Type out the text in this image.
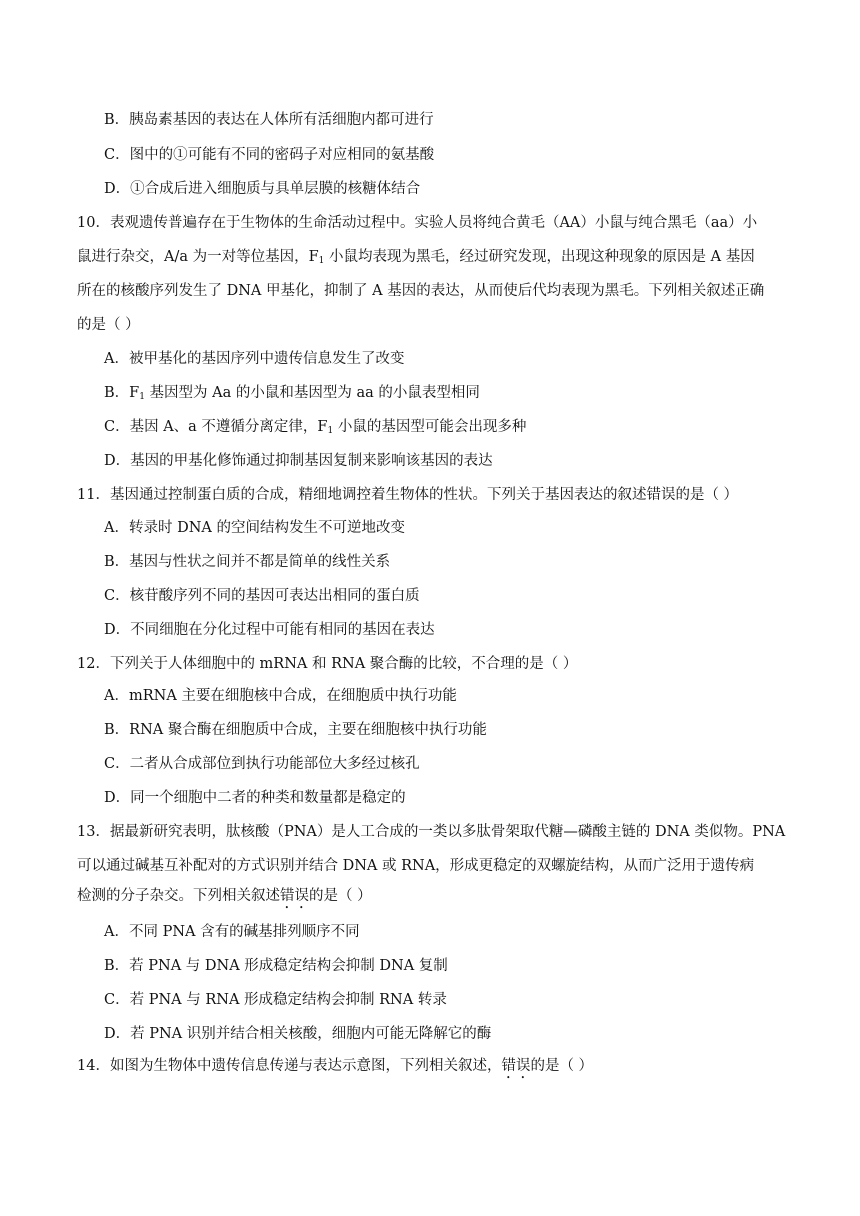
B．胰岛素基因的表达在人体所有活细胞内都可进行
C．图中的①可能有不同的密码子对应相同的氨基酸
D．①合成后进入细胞质与具单层膜的核糖体结合
10．表观遗传普遍存在于生物体的生命活动过程中。实验人员将纯合黄毛（AA）小鼠与纯合黑毛（aa）小
鼠进行杂交，A/a 为一对等位基因，$F_1$ 小鼠均表现为黑毛，经过研究发现，出现这种现象的原因是 A 基因
所在的核酸序列发生了 DNA 甲基化，抑制了 A 基因的表达，从而使后代均表现为黑毛。下列相关叙述正确
的是（ ）
A．被甲基化的基因序列中遗传信息发生了改变
B．$F_1$ 基因型为 Aa 的小鼠和基因型为 aa 的小鼠表型相同
C．基因 A、a 不遵循分离定律，$F_1$ 小鼠的基因型可能会出现多种
D．基因的甲基化修饰通过抑制基因复制来影响该基因的表达
11．基因通过控制蛋白质的合成，精细地调控着生物体的性状。下列关于基因表达的叙述错误的是（ ）
A．转录时 DNA 的空间结构发生不可逆地改变
B．基因与性状之间并不都是简单的线性关系
C．核苷酸序列不同的基因可表达出相同的蛋白质
D．不同细胞在分化过程中可能有相同的基因在表达
12．下列关于人体细胞中的 mRNA 和 RNA 聚合酶的比较，不合理的是（ ）
A．mRNA 主要在细胞核中合成，在细胞质中执行功能
B．RNA 聚合酶在细胞质中合成，主要在细胞核中执行功能
C．二者从合成部位到执行功能部位大多经过核孔
D．同一个细胞中二者的种类和数量都是稳定的
13．据最新研究表明，肽核酸（PNA）是人工合成的一类以多肽骨架取代糖—磷酸主链的 DNA 类似物。PNA
可以通过碱基互补配对的方式识别并结合 DNA 或 RNA，形成更稳定的双螺旋结构，从而广泛用于遗传病
检测的分子杂交。下列相关叙述错误的是（ ）
A．不同 PNA 含有的碱基排列顺序不同
B．若 PNA 与 DNA 形成稳定结构会抑制 DNA 复制
C．若 PNA 与 RNA 形成稳定结构会抑制 RNA 转录
D．若 PNA 识别并结合相关核酸，细胞内可能无降解它的酶
14．如图为生物体中遗传信息传递与表达示意图，下列相关叙述，错误的是（ ）
